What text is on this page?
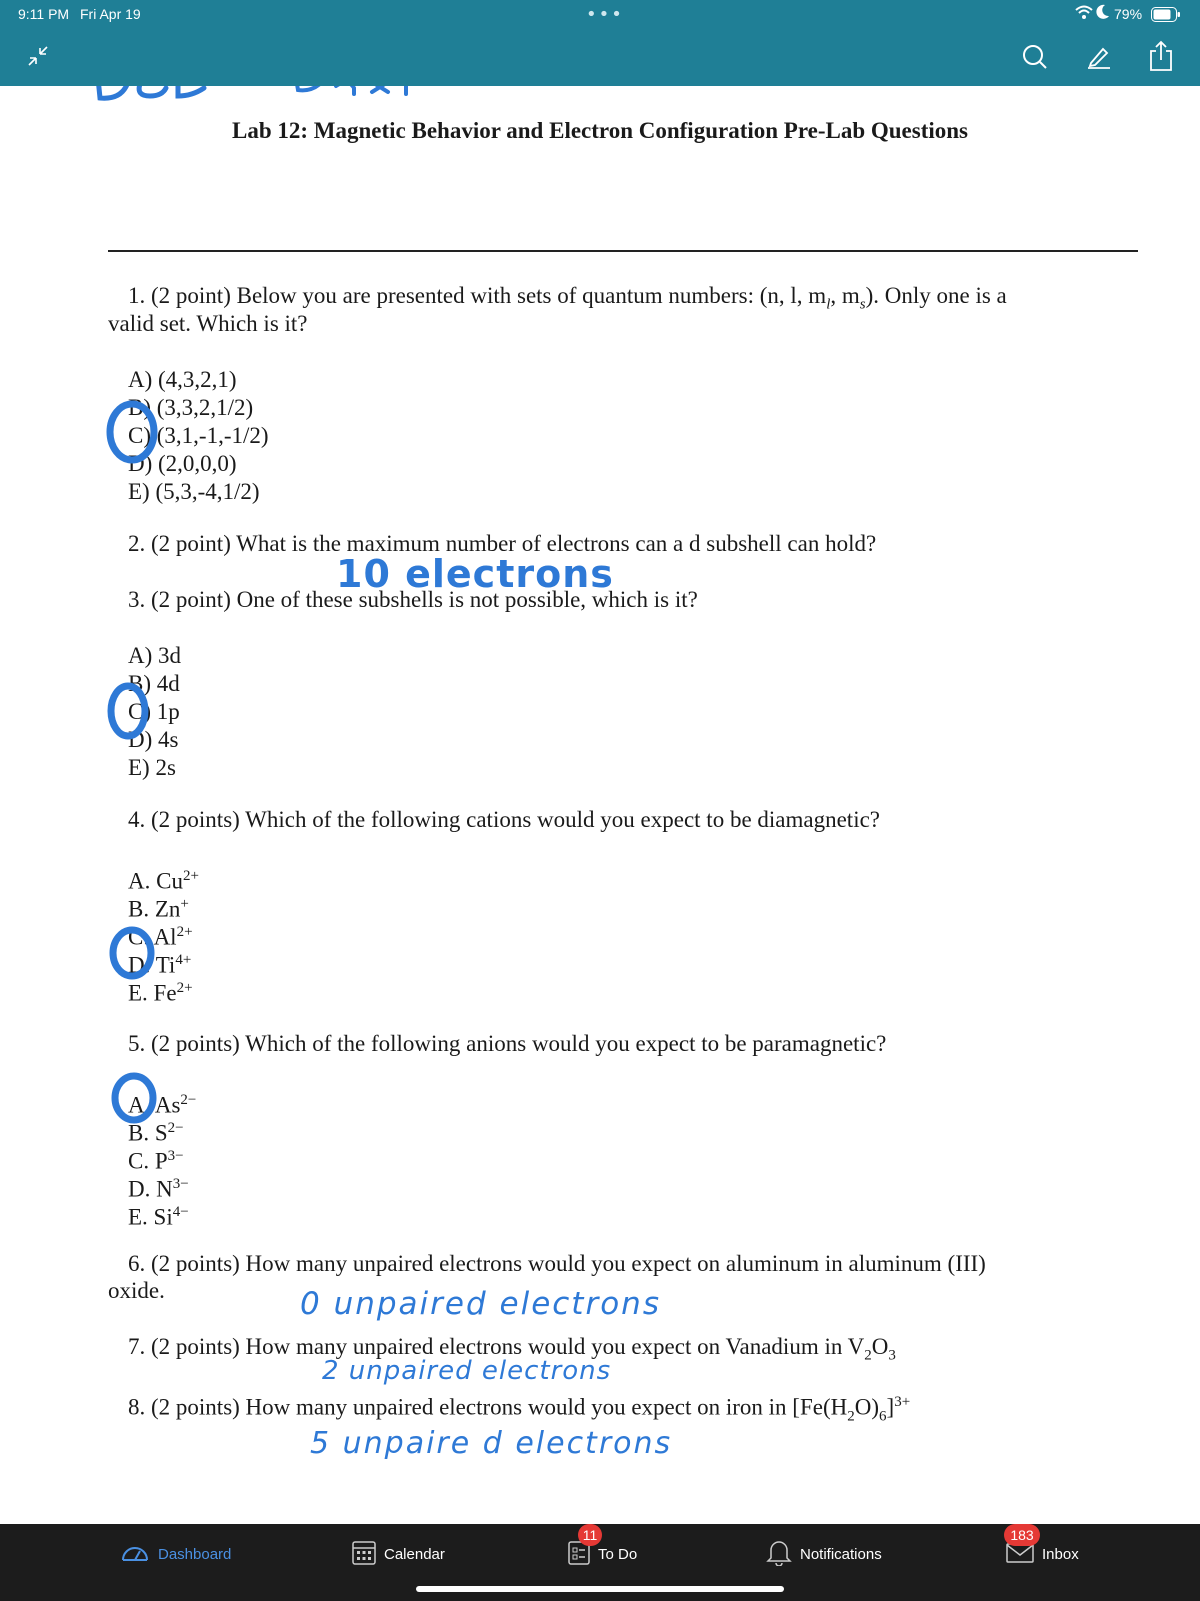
9:11 PM Fri Apr 19	•••	79%
Lab 12: Magnetic Behavior and Electron Configuration Pre-Lab Questions
1. (2 point) Below you are presented with sets of quantum numbers: (n, l, $m_l$, $m_s$). Only one is a
valid set. Which is it?
A) (4,3,2,1)
B) (3,3,2,1/2)
C) (3,1,-1,-1/2)
D) (2,0,0,0)
E) (5,3,-4,1/2)
2. (2 point) What is the maximum number of electrons can a d subshell can hold?
10 electrons
3. (2 point) One of these subshells is not possible, which is it?
A) 3d
B) 4d
C) 1p
D) 4s
E) 2s
4. (2 points) Which of the following cations would you expect to be diamagnetic?
A. $Cu^{2+}$
B. Zn+
C. $Al^{2+}$
D. $Ti^{4+}$
E. $Fe^{2+}$
5. (2 points) Which of the following anions would you expect to be paramagnetic?
A. $As^{2-}$
B. $S^{2-}$
C. $P^{3-}$
D. $N^{3-}$
E. $Si^{4-}$
6. (2 points) How many unpaired electrons would you expect on aluminum in aluminum (III)
oxide.	0 unpaired electrons
7. (2 points) How many unpaired electrons would you expect on Vanadium in $V_2O_3$
2 unpaired electrons
8. (2 points) How many unpaired electrons would you expect on iron in $[Fe(H_2O)_6]^{3+}$
5 unpaire d electrons
Dashboard	Calendar	To Do
11
Notifications	Inbox
183
